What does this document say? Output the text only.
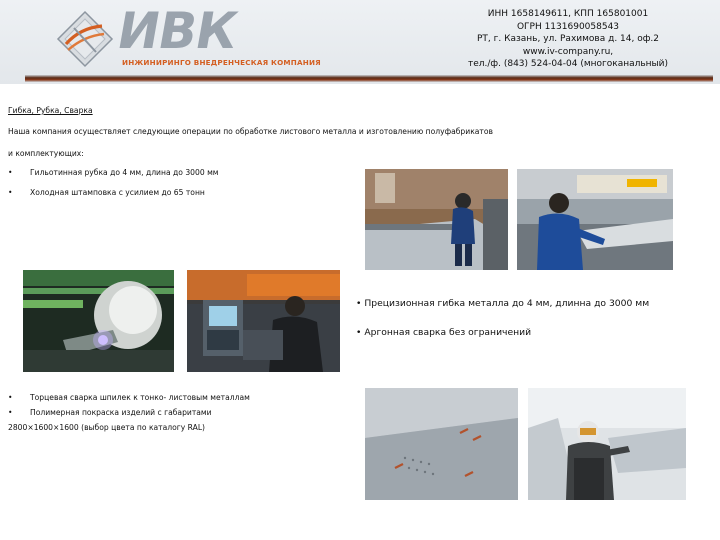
ИВК
ИНЖИНИРИНГО ВНЕДРЕНЧЕСКАЯ КОМПАНИЯ
ИНН 1658149611, КПП 165801001
ОГРН 1131690058543
РТ, г. Казань, ул. Рахимова д. 14, оф.2
www.iv-company.ru,
тел./ф. (843) 524-04-04 (многоканальный)
Гибка, Рубка, Сварка
Наша компания осуществляет следующие операции по обработке листового металла и изготовлению полуфабрикатов
и комплектующих:
• Гильотинная рубка до 4 мм, длина до 3000 мм
• Холодная штамповка с усилием до 65 тонн
• Прецизионная гибка металла до 4 мм, длинна до 3000 мм
• Аргонная сварка без ограничений
• Торцевая сварка шпилек к тонко- листовым металлам
• Полимерная покраска изделий с габаритами
2800×1600×1600 (выбор цвета по каталогу RAL)
